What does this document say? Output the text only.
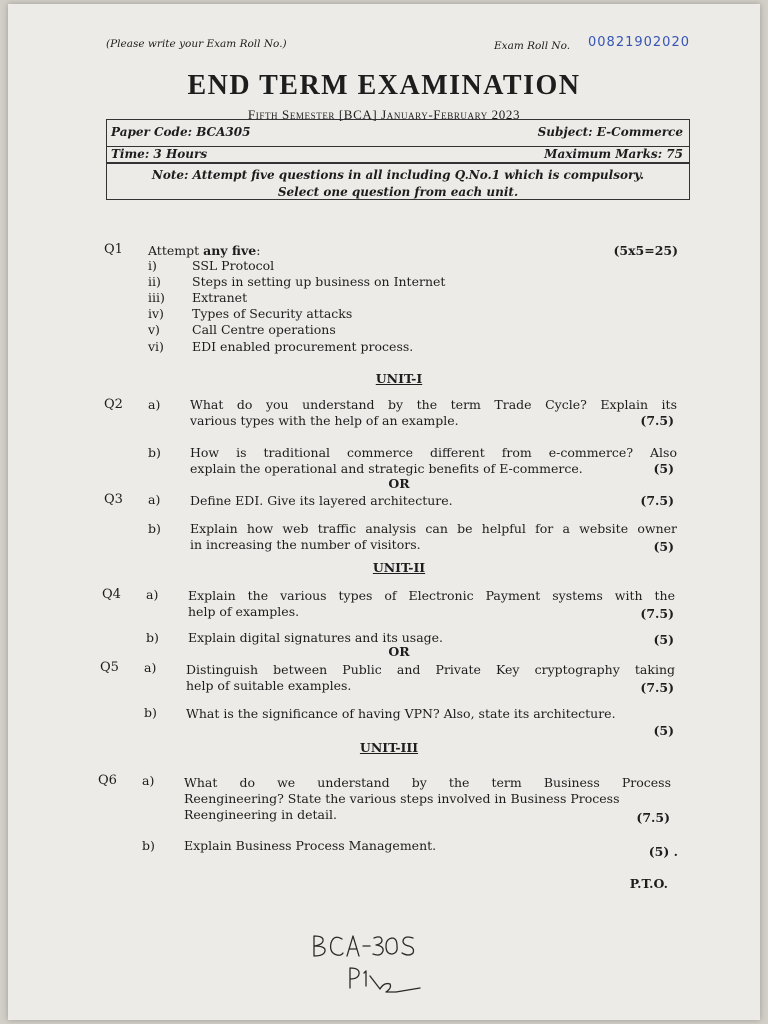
(Please write your Exam Roll No.)	Exam Roll No. 00821902020
END TERM EXAMINATION
Fifth Semester [BCA] January-February 2023
Paper Code: BCA305	Subject: E-Commerce
Time: 3 Hours	Maximum Marks: 75
Note: Attempt five questions in all including Q.No.1 which is compulsory.
Select one question from each unit.
Q1 Attempt any five:	(5x5=25)
i)	SSL Protocol
ii) Steps in setting up business on Internet
iii) Extranet
iv) Types of Security attacks
v)	Call Centre operations
vi) EDI enabled procurement process.
UNIT-I
Q2 a) What do you understand by the term Trade Cycle? Explain its
various types with the help of an example.	(7.5)
b) How is traditional commerce different from e-commerce? Also
explain the operational and strategic benefits of E-commerce.	(5)
OR
Q3 a) Define EDI. Give its layered architecture.	(7.5)
b) Explain how web traffic analysis can be helpful for a website owner
in increasing the number of visitors.	(5)
UNIT-II
Q4 a) Explain the various types of Electronic Payment systems with the
help of examples.	(7.5)
b) Explain digital signatures and its usage.	(5)
OR
Q5 a) Distinguish between Public and Private Key cryptography taking
help of suitable examples.	(7.5)
b) What is the significance of having VPN? Also, state its architecture.
(5)
UNIT-III
Q6 a) What do we understand by the term Business Process
Reengineering? State the various steps involved in Business Process
Reengineering in detail.	(7.5)
b) Explain Business Process Management.	(5) .
P.T.O.
